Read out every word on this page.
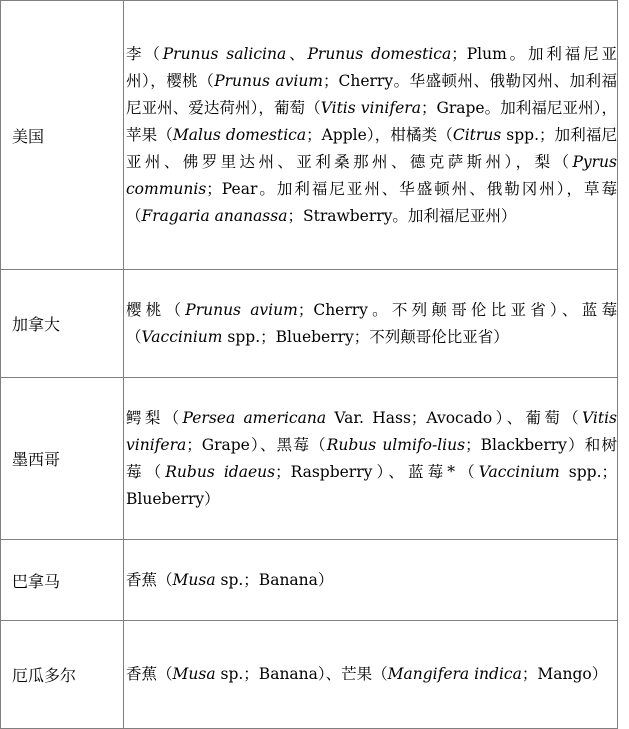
美国	李（Prunus salicina、Prunus domestica；Plum。加利福尼亚州），樱桃（Prunus avium；Cherry。华盛顿州、俄勒冈州、加利福尼亚州、爱达荷州），葡萄（Vitis vinifera；Grape。加利福尼亚州），苹果（Malus domestica；Apple），柑橘类（Citrus spp.；加利福尼亚州、佛罗里达州、亚利桑那州、德克萨斯州），梨（Pyrus communis；Pear。加利福尼亚州、华盛顿州、俄勒冈州），草莓（Fragaria ananassa；Strawberry。加利福尼亚州）
加拿大	樱桃（Prunus avium；Cherry。不列颠哥伦比亚省）、蓝莓（Vaccinium spp.；Blueberry；不列颠哥伦比亚省）
墨西哥	鳄梨（Persea americana Var. Hass；Avocado）、葡萄（Vitis vinifera；Grape）、黑莓（Rubus ulmifo-lius；Blackberry）和树莓（Rubus idaeus；Raspberry）、蓝莓*（Vaccinium spp.；Blueberry）
巴拿马	香蕉（Musa sp.；Banana）
厄瓜多尔	香蕉（Musa sp.；Banana）、芒果（Mangifera indica；Mango）
